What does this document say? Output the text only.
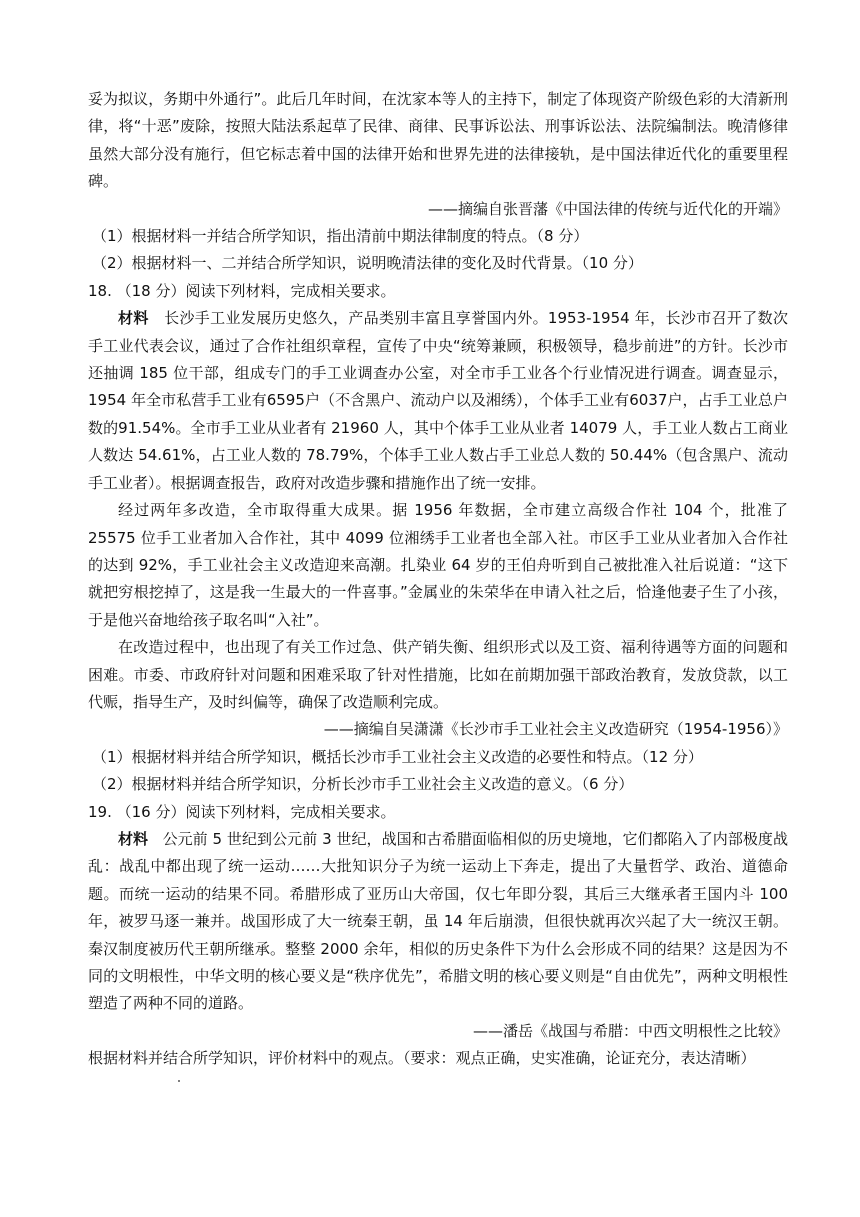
妥为拟议，务期中外通行”。此后几年时间，在沈家本等人的主持下，制定了体现资产阶级色彩的大清新刑律，将“十恶”废除，按照大陆法系起草了民律、商律、民事诉讼法、刑事诉讼法、法院编制法。晚清修律虽然大部分没有施行，但它标志着中国的法律开始和世界先进的法律接轨，是中国法律近代化的重要里程碑。

——摘编自张晋藩《中国法律的传统与近代化的开端》

（1）根据材料一并结合所学知识，指出清前中期法律制度的特点。（8 分）

（2）根据材料一、二并结合所学知识，说明晚清法律的变化及时代背景。（10 分）

18. （18 分）阅读下列材料，完成相关要求。

材料 长沙手工业发展历史悠久，产品类别丰富且享誉国内外。1953-1954 年，长沙市召开了数次手工业代表会议，通过了合作社组织章程，宣传了中央“统筹兼顾，积极领导，稳步前进”的方针。长沙市还抽调 185 位干部，组成专门的手工业调查办公室，对全市手工业各个行业情况进行调查。调查显示，1954 年全市私营手工业有6595户（不含黑户、流动户以及湘绣），个体手工业有6037户，占手工业总户数的91.54%。全市手工业从业者有 21960 人，其中个体手工业从业者 14079 人，手工业人数占工商业人数达 54.61%，占工业人数的 78.79%，个体手工业人数占手工业总人数的 50.44%（包含黑户、流动手工业者）。根据调查报告，政府对改造步骤和措施作出了统一安排。

经过两年多改造，全市取得重大成果。据 1956 年数据，全市建立高级合作社 104 个，批准了 25575 位手工业者加入合作社，其中 4099 位湘绣手工业者也全部入社。市区手工业从业者加入合作社的达到 92%，手工业社会主义改造迎来高潮。扎染业 64 岁的王伯舟听到自己被批准入社后说道：“这下就把穷根挖掉了，这是我一生最大的一件喜事。”金属业的朱荣华在申请入社之后，恰逢他妻子生了小孩，于是他兴奋地给孩子取名叫“入社”。

在改造过程中，也出现了有关工作过急、供产销失衡、组织形式以及工资、福利待遇等方面的问题和困难。市委、市政府针对问题和困难采取了针对性措施，比如在前期加强干部政治教育，发放贷款，以工代赈，指导生产，及时纠偏等，确保了改造顺利完成。

——摘编自吴潇潇《长沙市手工业社会主义改造研究（1954-1956）》

（1）根据材料并结合所学知识，概括长沙市手工业社会主义改造的必要性和特点。（12 分）

（2）根据材料并结合所学知识，分析长沙市手工业社会主义改造的意义。（6 分）

19. （16 分）阅读下列材料，完成相关要求。

材料 公元前 5 世纪到公元前 3 世纪，战国和古希腊面临相似的历史境地，它们都陷入了内部极度战乱：战乱中都出现了统一运动……大批知识分子为统一运动上下奔走，提出了大量哲学、政治、道德命题。而统一运动的结果不同。希腊形成了亚历山大帝国，仅七年即分裂，其后三大继承者王国内斗 100 年，被罗马逐一兼并。战国形成了大一统秦王朝，虽 14 年后崩溃，但很快就再次兴起了大一统汉王朝。秦汉制度被历代王朝所继承。整整 2000 余年，相似的历史条件下为什么会形成不同的结果？这是因为不同的文明根性，中华文明的核心要义是“秩序优先”，希腊文明的核心要义则是“自由优先”，两种文明根性塑造了两种不同的道路。

——潘岳《战国与希腊：中西文明根性之比较》

根据材料并结合所学知识，评价材料中的观点。（要求：观点正确，史实准确，论证充分，表达清晰）
